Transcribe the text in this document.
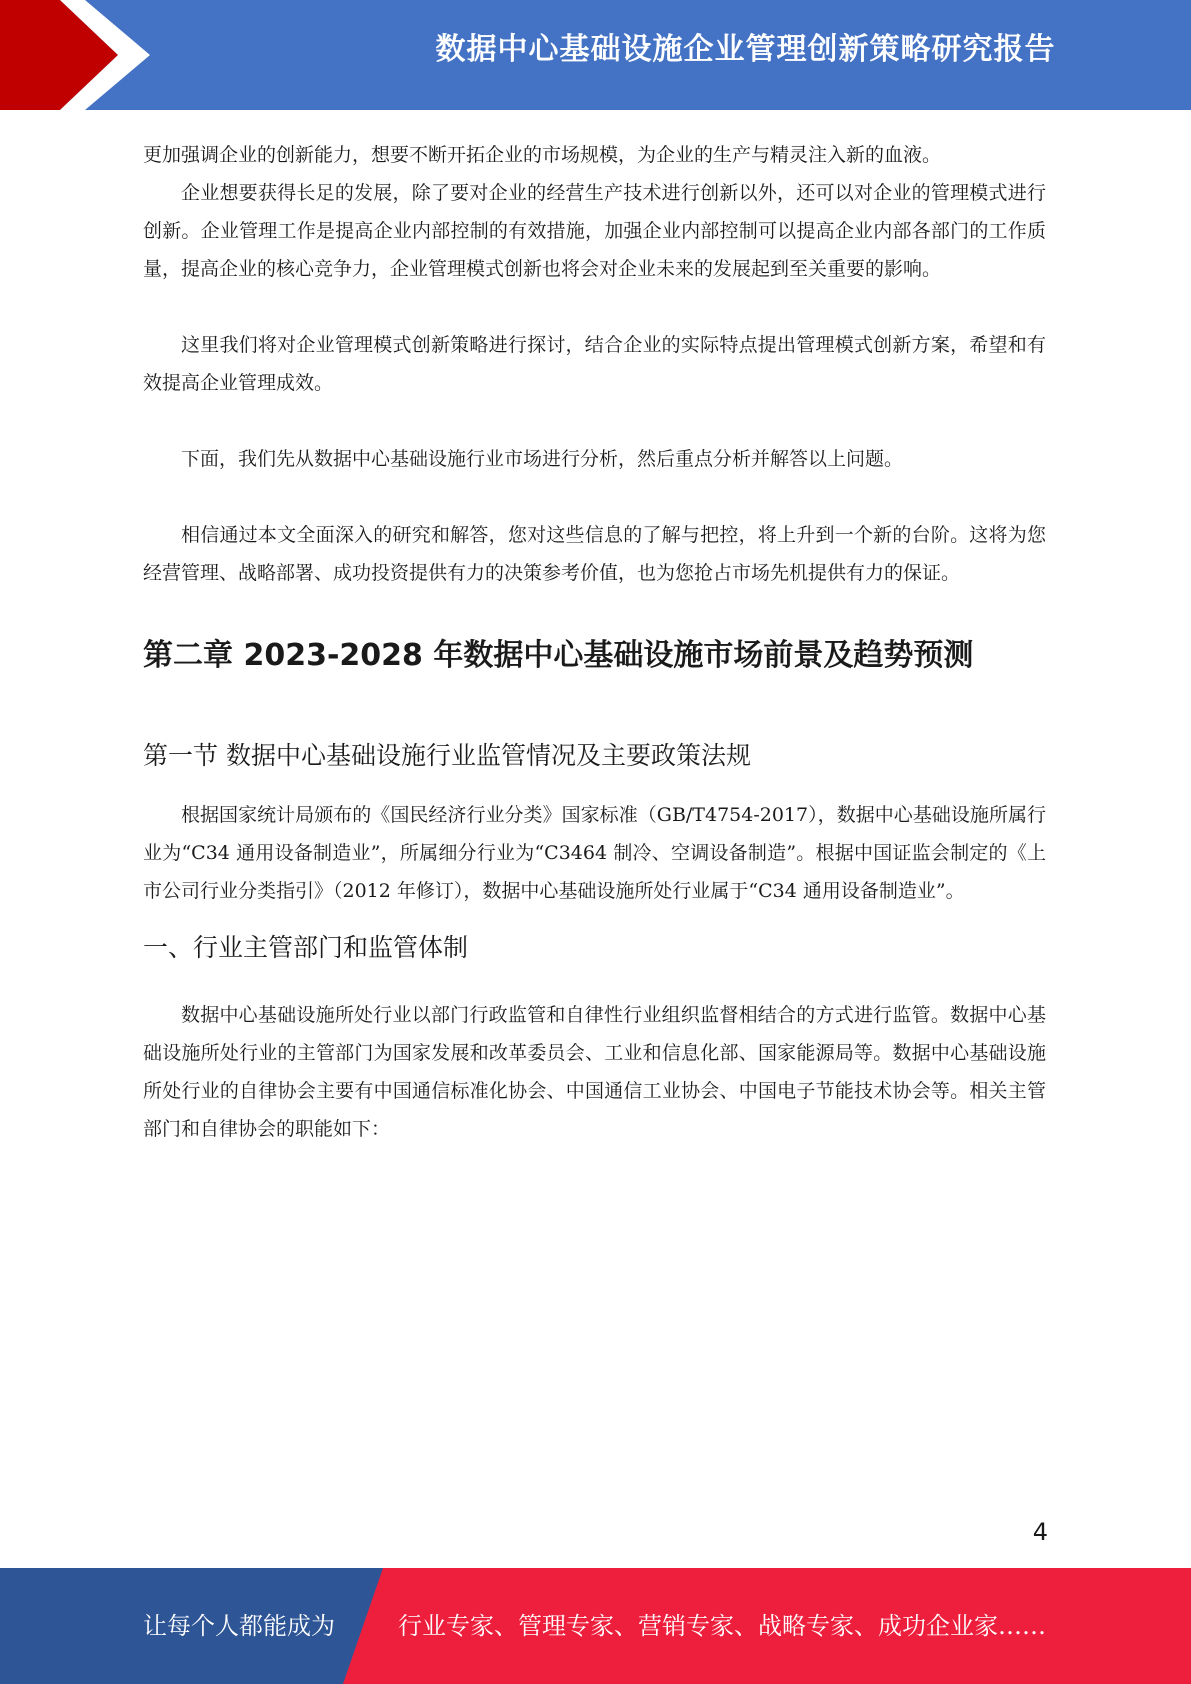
数据中心基础设施企业管理创新策略研究报告

更加强调企业的创新能力，想要不断开拓企业的市场规模，为企业的生产与精灵注入新的血液。

企业想要获得长足的发展，除了要对企业的经营生产技术进行创新以外，还可以对企业的管理模式进行创新。企业管理工作是提高企业内部控制的有效措施，加强企业内部控制可以提高企业内部各部门的工作质量，提高企业的核心竞争力，企业管理模式创新也将会对企业未来的发展起到至关重要的影响。

这里我们将对企业管理模式创新策略进行探讨，结合企业的实际特点提出管理模式创新方案，希望和有效提高企业管理成效。

下面，我们先从数据中心基础设施行业市场进行分析，然后重点分析并解答以上问题。

相信通过本文全面深入的研究和解答，您对这些信息的了解与把控，将上升到一个新的台阶。这将为您经营管理、战略部署、成功投资提供有力的决策参考价值，也为您抢占市场先机提供有力的保证。

第二章 2023-2028 年数据中心基础设施市场前景及趋势预测
第一节 数据中心基础设施行业监管情况及主要政策法规

根据国家统计局颁布的《国民经济行业分类》国家标准（GB/T4754-2017），数据中心基础设施所属行业为“C34 通用设备制造业”，所属细分行业为“C3464 制冷、空调设备制造”。根据中国证监会制定的《上市公司行业分类指引》（2012 年修订），数据中心基础设施所处行业属于“C34 通用设备制造业”。

一、行业主管部门和监管体制

数据中心基础设施所处行业以部门行政监管和自律性行业组织监督相结合的方式进行监管。数据中心基础设施所处行业的主管部门为国家发展和改革委员会、工业和信息化部、国家能源局等。数据中心基础设施所处行业的自律协会主要有中国通信标准化协会、中国通信工业协会、中国电子节能技术协会等。相关主管部门和自律协会的职能如下：

4
让每个人都能成为	行业专家、管理专家、营销专家、战略专家、成功企业家……
